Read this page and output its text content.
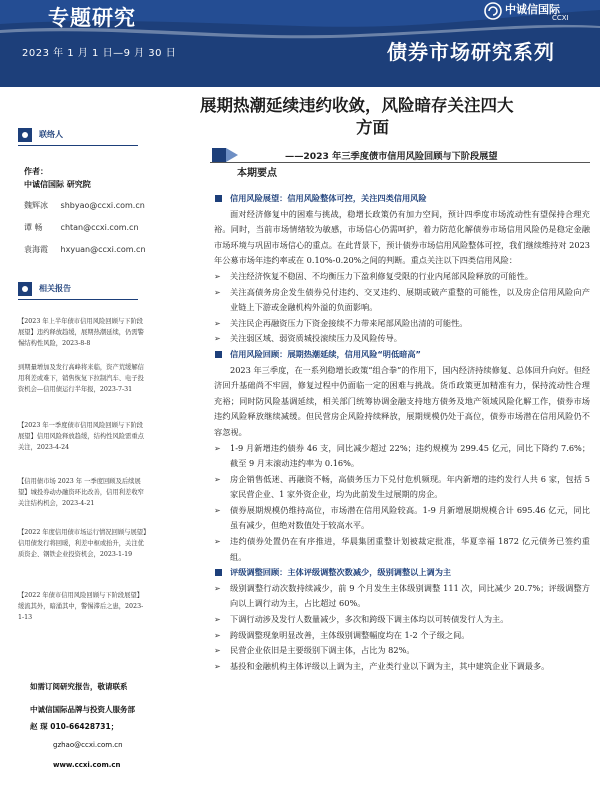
专题研究
2023 年 1 月 1 日—9 月 30 日	债券市场研究系列
中诚信国际
CCXI
联络人
作者：
中诚信国际 研究院
魏辉冰 shbyao@ccxi.com.cn
谭 畅 chtan@ccxi.com.cn
袁海霞 hxyuan@ccxi.com.cn
相关报告
【2023 年上半年债市信用风险回顾与下阶段展望】违约释放趋缓，展期热潮延续，仍需警惕结构性风险，2023-8-8
到期量增加及发行高峰将来临，资产荒缓解信用利差或难下，销售恢复下拉制汽车、电子投资机会—信用债运行半年报，2023-7-31
【2023 年一季度债市信用风险回顾与下阶段展望】信用风险释放趋缓，结构性风险需重点关注，2023-4-24
【信用债市场 2023 年 一季度回顾及后续展望】城投券动办融资环比改善，信用利差收窄关注结构机会，2023-4-21
【2022 年度信用债市场运行情况回顾与展望】信用债发行将回暖，利差中枢或抬升，关注优质资企、钢铁企业投资机会，2023-1-19
【2022 年债市信用风险回顾与下阶段展望】缓流其外，暗涌其中，警惕滞后之患，2023-1-13
如需订阅研究报告，敬请联系
中诚信国际品牌与投资人服务部
赵 琛 010-66428731；
gzhao@ccxi.com.cn
www.ccxi.com.cn
展期热潮延续违约收敛，风险暗存关注四大
方面
——2023 年三季度债市信用风险回顾与下阶段展望
本期要点

信用风险展望：信用风险整体可控，关注四类信用风险

面对经济修复中的困难与挑战，稳增长政策仍有加力空间，预计四季度市场流动性有望保持合理充裕。同时，当前市场情绪较为敏感，市场信心仍需呵护，着力防范化解债券市场信用风险仍是稳定金融市场环境与巩固市场信心的重点。在此背景下，预计债券市场信用风险整体可控，我们继续维持对 2023 年公募市场年违约率或在 0.10%-0.20%之间的判断。重点关注以下四类信用风险：

➢ 关注经济恢复不稳固、不均衡压力下盈利修复受限的行业内尾部风险释放的可能性。

➢ 关注高债务房企发生债券兑付违约、交叉违约、展期或破产重整的可能性，以及房企信用风险向产业链上下游或金融机构外溢的负面影响。

➢ 关注民企再融资压力下资金接续不力带来尾部风险出清的可能性。

➢ 关注弱区域、弱资质城投滚续压力及风险传导。

信用风险回顾：展期热潮延续，信用风险“明低暗高”

2023 年三季度，在一系列稳增长政策“组合拳”的作用下，国内经济持续修复、总体回升向好。但经济回升基础尚不牢固，修复过程中仍面临一定的困难与挑战。货币政策更加精准有力，保持流动性合理充裕；同时防风险基调延续，相关部门统筹协调金融支持地方债务及地产领域风险化解工作，债券市场违约风险释放继续减缓。但民营房企风险持续释放，展期规模仍处于高位，债券市场潜在信用风险仍不容忽视。

➢ 1-9 月新增违约债券 46 支，同比减少超过 22%；违约规模为 299.45 亿元，同比下降约 7.6%；截至 9 月末滚动违约率为 0.16%。

➢ 房企销售低迷、再融资不畅，高债务压力下兑付危机频现。年内新增的违约发行人共 6 家，包括 5 家民营企业、1 家外资企业，均为此前发生过展期的房企。

➢ 债券展期规模仍维持高位，市场潜在信用风险较高。1-9 月新增展期规模合计 695.46 亿元，同比虽有减少，但绝对数值处于较高水平。

➢ 违约债券处置仍在有序推进，华晨集团重整计划被裁定批准，华夏幸福 1872 亿元债务已签约重组。

评级调整回顾：主体评级调整次数减少，级别调整以上调为主

➢ 级别调整行动次数持续减少，前 9 个月发生主体级别调整 111 次，同比减少 20.7%；评级调整方向以上调行动为主，占比超过 60%。

➢ 下调行动涉及发行人数量减少，多次和跨级下调主体均以可转债发行人为主。

➢ 跨级调整现象明显改善，主体级别调整幅度均在 1-2 个子级之间。

➢ 民营企业依旧是主要级别下调主体，占比为 82%。

➢ 基投和金融机构主体评级以上调为主，产业类行业以下调为主，其中建筑企业下调最多。
